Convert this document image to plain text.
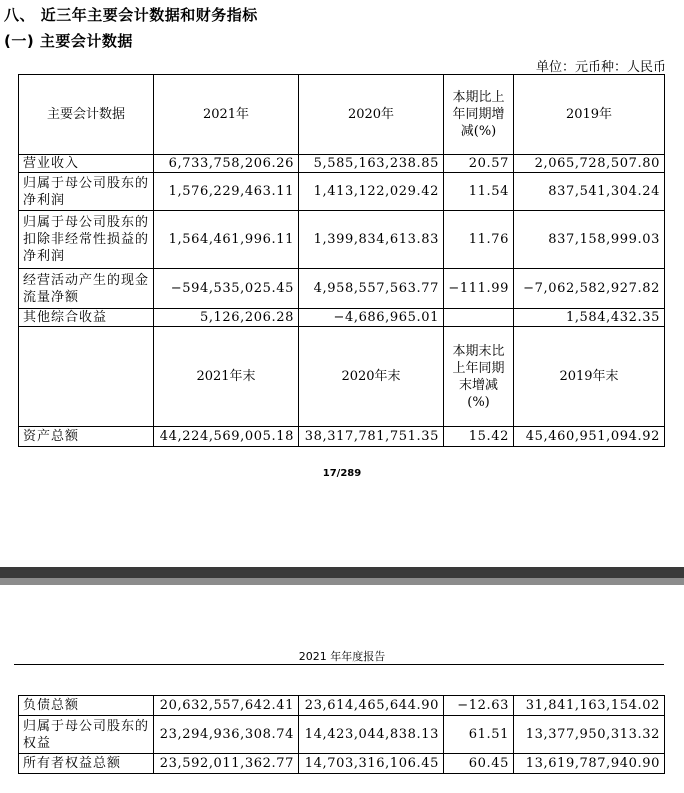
八、 近三年主要会计数据和财务指标
(一) 主要会计数据
单位：元币种：人民币
主要会计数据	2021年	2020年	本期比上年同期增减(%)	2019年
营业收入	6,733,758,206.26	5,585,163,238.85	20.57	2,065,728,507.80
归属于母公司股东的净利润	1,576,229,463.11	1,413,122,029.42	11.54	837,541,304.24
归属于母公司股东的扣除非经常性损益的净利润	1,564,461,996.11	1,399,834,613.83	11.76	837,158,999.03
经营活动产生的现金流量净额	−594,535,025.45	4,958,557,563.77	−111.99	−7,062,582,927.82
其他综合收益	5,126,206.28	−4,686,965.01		1,584,432.35
	2021年末	2020年末	本期末比上年同期末增减(%)	2019年末
资产总额	44,224,569,005.18	38,317,781,751.35	15.42	45,460,951,094.92
17/289
2021 年年度报告
负债总额	20,632,557,642.41	23,614,465,644.90	−12.63	31,841,163,154.02
归属于母公司股东的权益	23,294,936,308.74	14,423,044,838.13	61.51	13,377,950,313.32
所有者权益总额	23,592,011,362.77	14,703,316,106.45	60.45	13,619,787,940.90
